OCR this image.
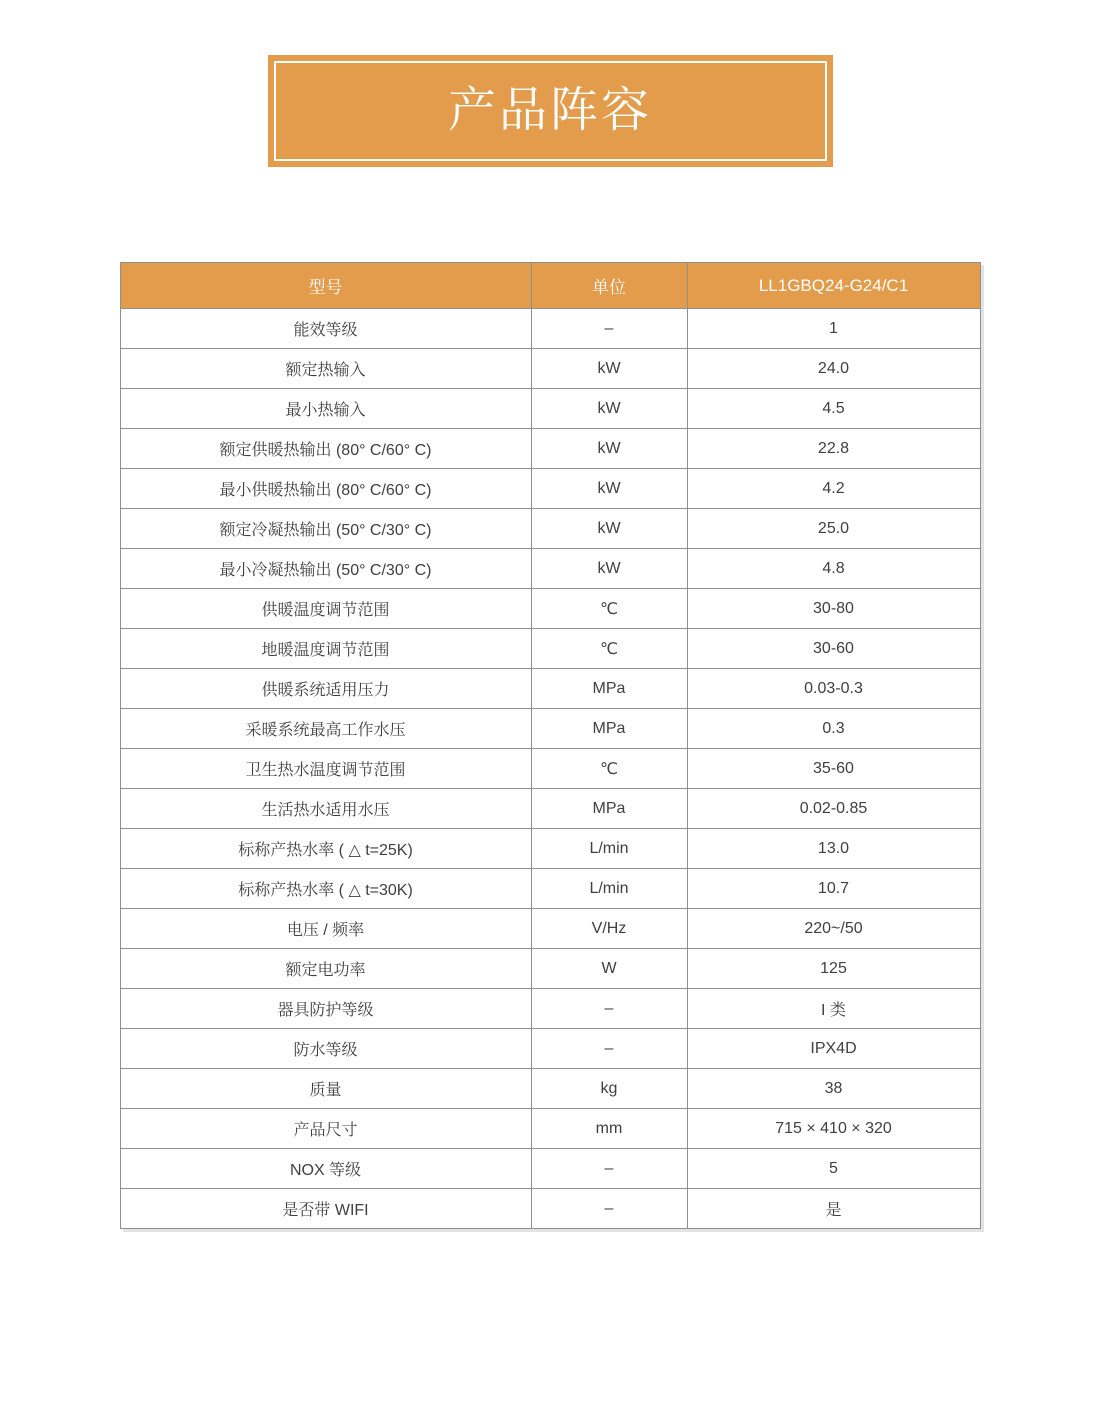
产品阵容
型号	单位	LL1GBQ24-G24/C1
能效等级	–	1
额定热输入	kW	24.0
最小热输入	kW	4.5
额定供暖热输出 (80° C/60° C)	kW	22.8
最小供暖热输出 (80° C/60° C)	kW	4.2
额定冷凝热输出 (50° C/30° C)	kW	25.0
最小冷凝热输出 (50° C/30° C)	kW	4.8
供暖温度调节范围	℃	30-80
地暖温度调节范围	℃	30-60
供暖系统适用压力	MPa	0.03-0.3
采暖系统最高工作水压	MPa	0.3
卫生热水温度调节范围	℃	35-60
生活热水适用水压	MPa	0.02-0.85
标称产热水率 ( △ t=25K)	L/min	13.0
标称产热水率 ( △ t=30K)	L/min	10.7
电压 / 频率	V/Hz	220~/50
额定电功率	W	125
器具防护等级	–	I 类
防水等级	–	IPX4D
质量	kg	38
产品尺寸	mm	715 × 410 × 320
NOX 等级	–	5
是否带 WIFI	–	是
